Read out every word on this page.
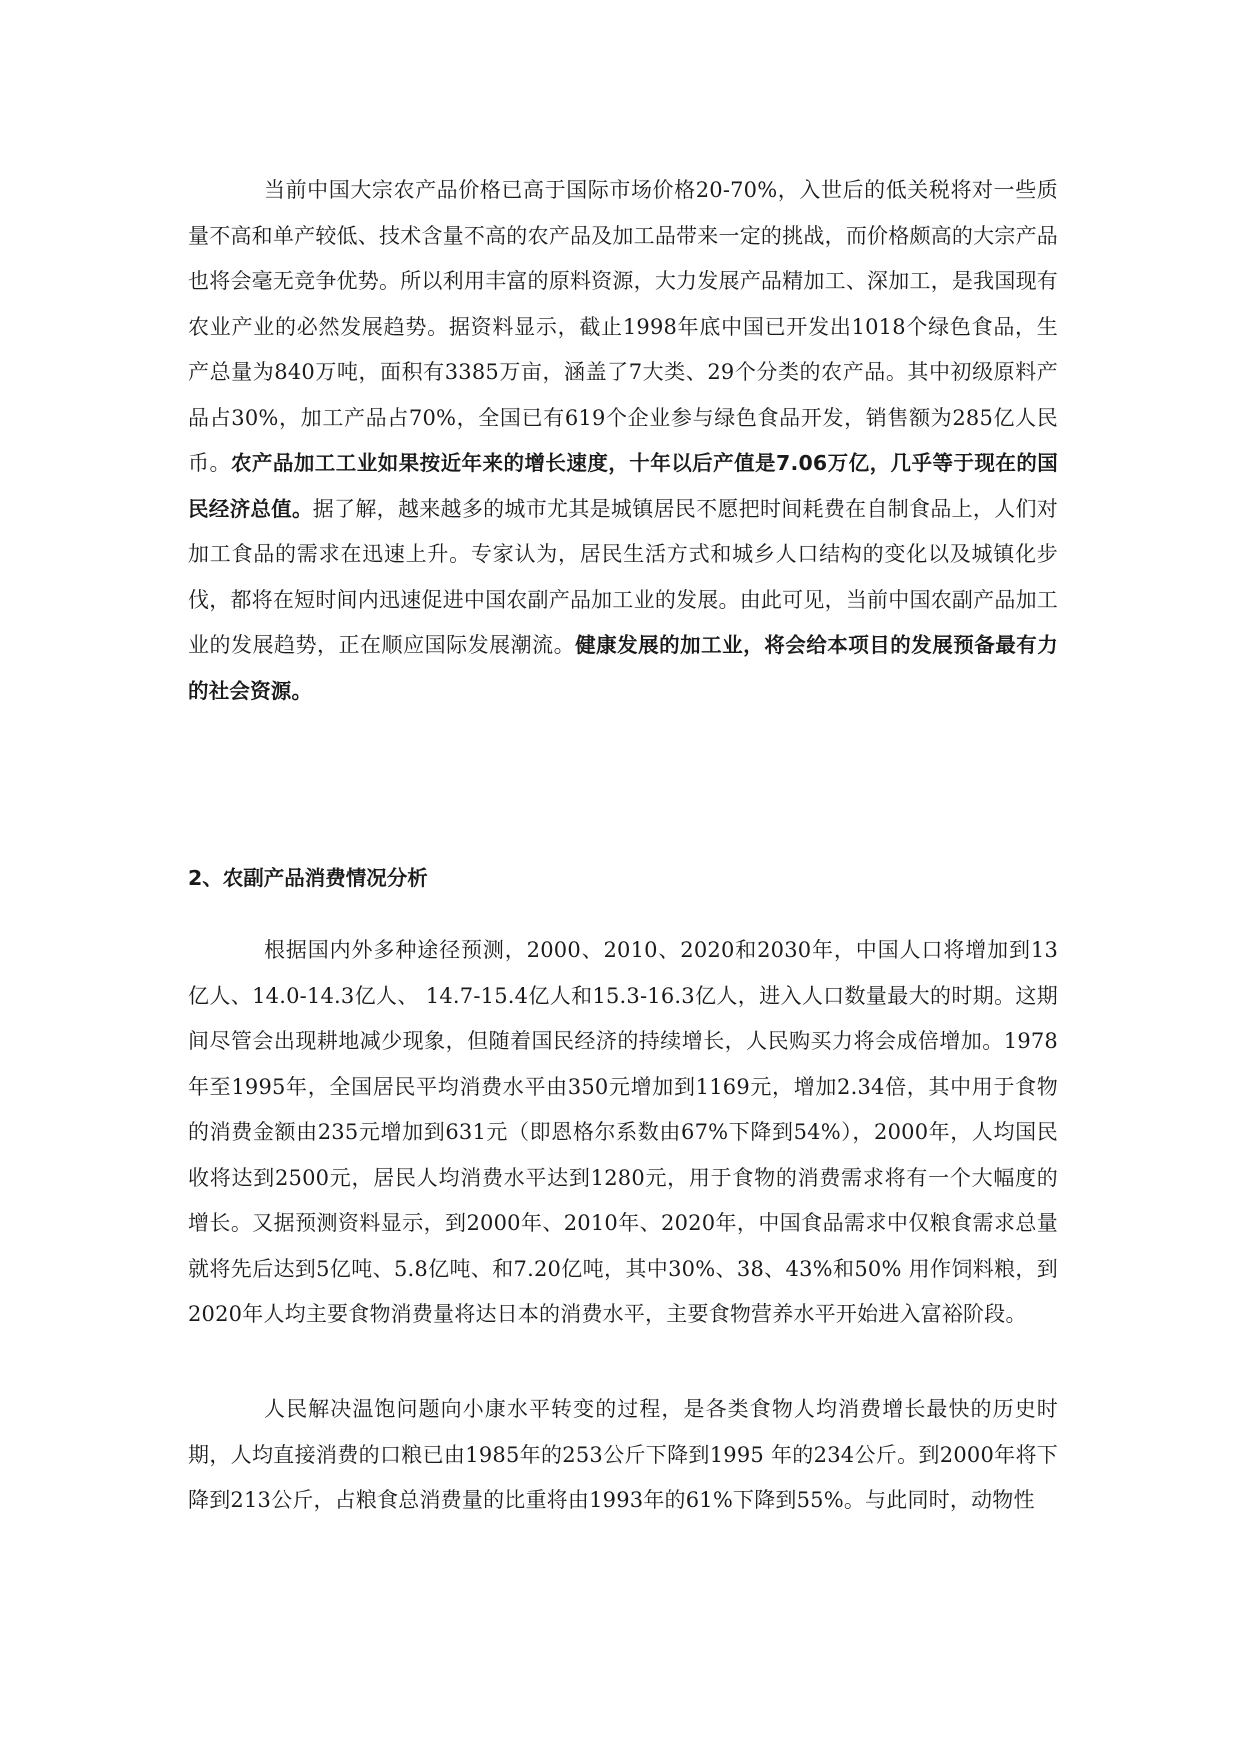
当前中国大宗农产品价格已高于国际市场价格20-70%，入世后的低关税将对一些质量不高和单产较低、技术含量不高的农产品及加工品带来一定的挑战，而价格颇高的大宗产品也将会毫无竞争优势。所以利用丰富的原料资源，大力发展产品精加工、深加工，是我国现有农业产业的必然发展趋势。据资料显示，截止1998年底中国已开发出1018个绿色食品，生产总量为840万吨，面积有3385万亩，涵盖了7大类、29个分类的农产品。其中初级原料产品占30%，加工产品占70%，全国已有619个企业参与绿色食品开发，销售额为285亿人民币。农产品加工工业如果按近年来的增长速度，十年以后产值是7.06万亿，几乎等于现在的国民经济总值。据了解，越来越多的城市尤其是城镇居民不愿把时间耗费在自制食品上，人们对加工食品的需求在迅速上升。专家认为，居民生活方式和城乡人口结构的变化以及城镇化步伐，都将在短时间内迅速促进中国农副产品加工业的发展。由此可见，当前中国农副产品加工业的发展趋势，正在顺应国际发展潮流。健康发展的加工业，将会给本项目的发展预备最有力的社会资源。

2、农副产品消费情况分析

根据国内外多种途径预测，2000、2010、2020和2030年，中国人口将增加到13亿人、14.0-14.3亿人、 14.7-15.4亿人和15.3-16.3亿人，进入人口数量最大的时期。这期间尽管会出现耕地减少现象，但随着国民经济的持续增长，人民购买力将会成倍增加。1978年至1995年，全国居民平均消费水平由350元增加到1169元，增加2.34倍，其中用于食物的消费金额由235元增加到631元（即恩格尔系数由67%下降到54%），2000年，人均国民收将达到2500元，居民人均消费水平达到1280元，用于食物的消费需求将有一个大幅度的增长。又据预测资料显示，到2000年、2010年、2020年，中国食品需求中仅粮食需求总量就将先后达到5亿吨、5.8亿吨、和7.20亿吨，其中30%、38、43%和50% 用作饲料粮，到2020年人均主要食物消费量将达日本的消费水平，主要食物营养水平开始进入富裕阶段。

人民解决温饱问题向小康水平转变的过程，是各类食物人均消费增长最快的历史时期，人均直接消费的口粮已由1985年的253公斤下降到1995 年的234公斤。到2000年将下降到213公斤，占粮食总消费量的比重将由1993年的61%下降到55%。与此同时，动物性
